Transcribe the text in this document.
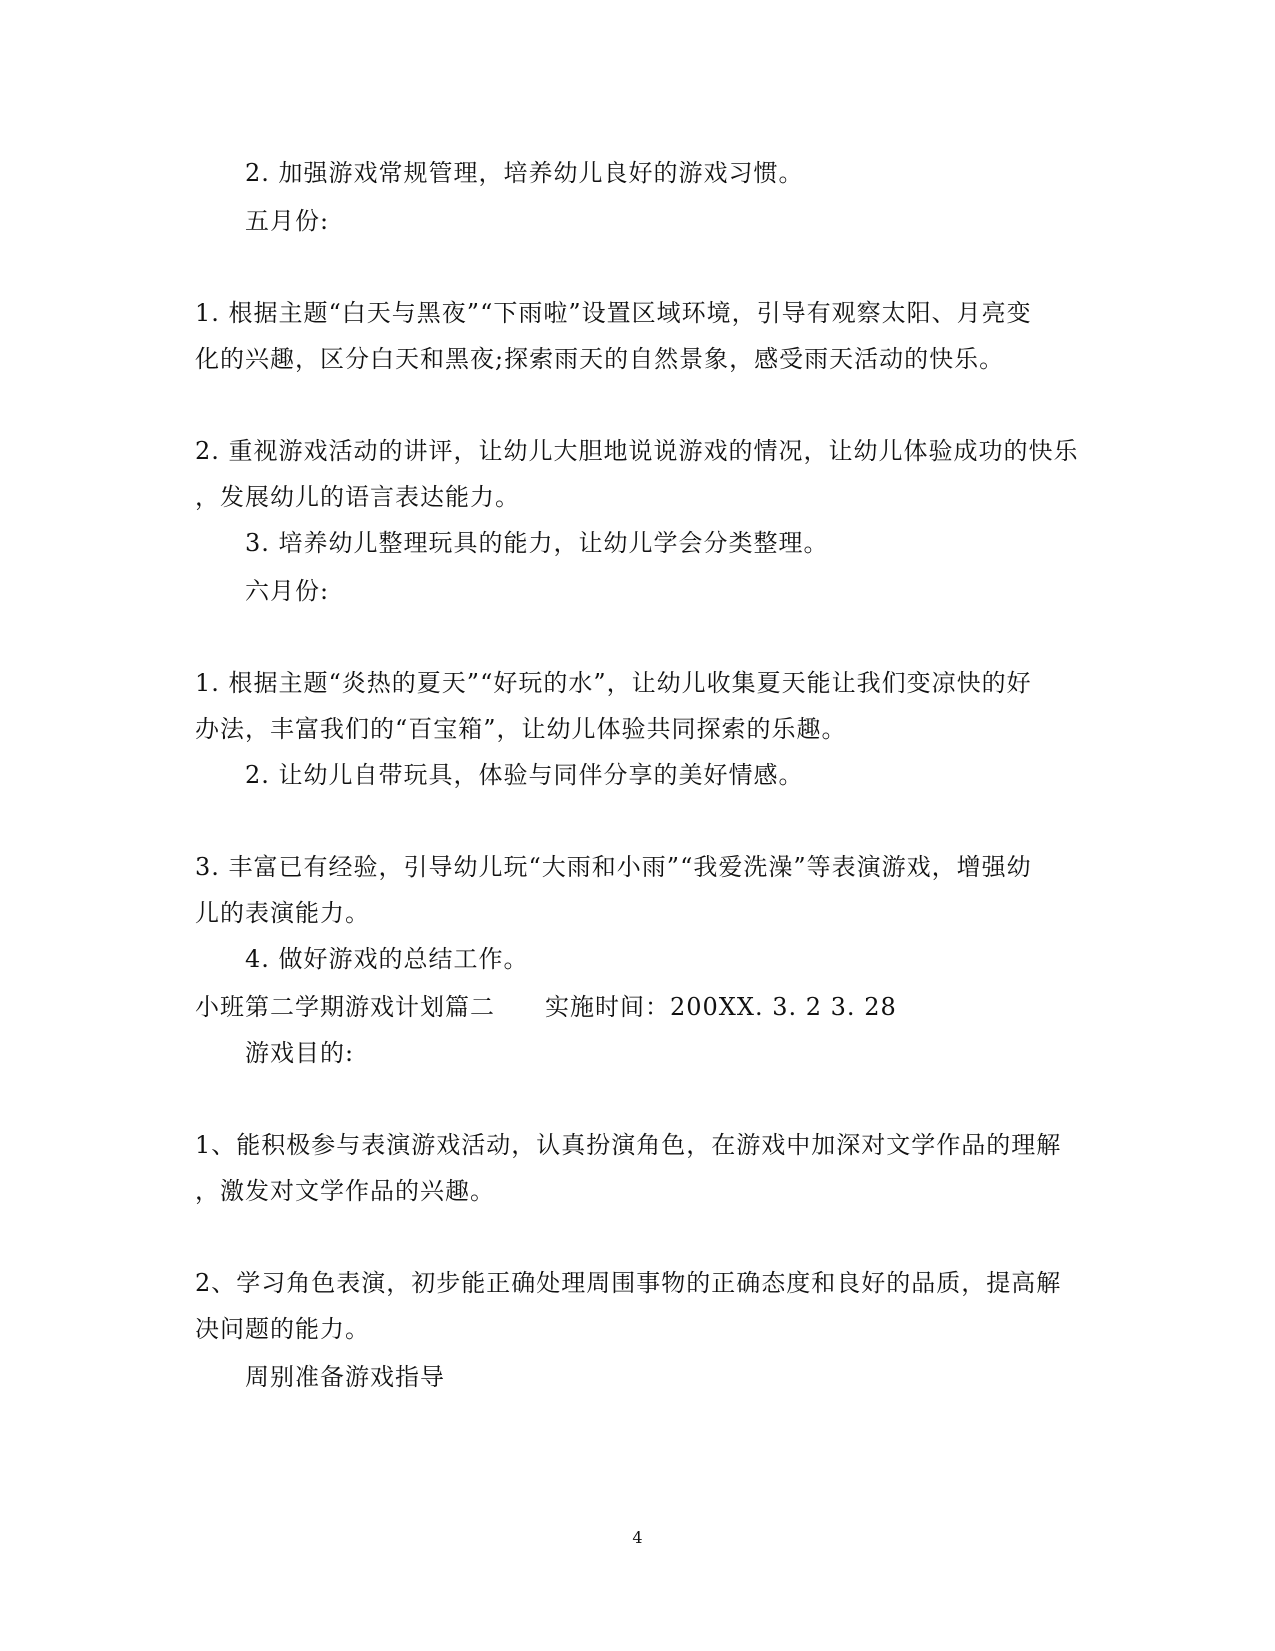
2. 加强游戏常规管理，培养幼儿良好的游戏习惯。

五月份:

1. 根据主题“白天与黑夜”“下雨啦”设置区域环境，引导有观察太阳、月亮变

化的兴趣，区分白天和黑夜;探索雨天的自然景象，感受雨天活动的快乐。

2. 重视游戏活动的讲评，让幼儿大胆地说说游戏的情况，让幼儿体验成功的快乐

，发展幼儿的语言表达能力。

3. 培养幼儿整理玩具的能力，让幼儿学会分类整理。

六月份:

1. 根据主题“炎热的夏天”“好玩的水”，让幼儿收集夏天能让我们变凉快的好

办法，丰富我们的“百宝箱”，让幼儿体验共同探索的乐趣。

2. 让幼儿自带玩具，体验与同伴分享的美好情感。

3. 丰富已有经验，引导幼儿玩“大雨和小雨”“我爱洗澡”等表演游戏，增强幼

儿的表演能力。

4. 做好游戏的总结工作。

小班第二学期游戏计划篇二　　实施时间：200XX. 3. 2 3. 28

游戏目的:

1、能积极参与表演游戏活动，认真扮演角色，在游戏中加深对文学作品的理解

，激发对文学作品的兴趣。

2、学习角色表演，初步能正确处理周围事物的正确态度和良好的品质，提高解

决问题的能力。

周别准备游戏指导

4
